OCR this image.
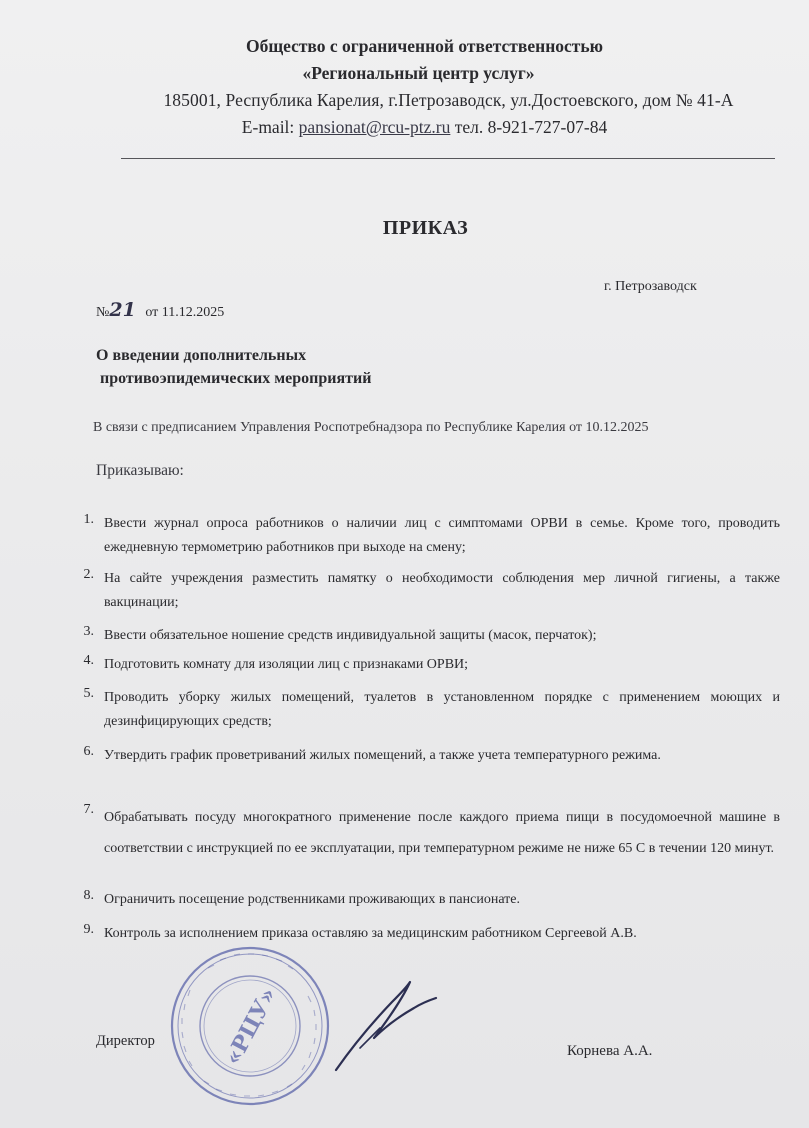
Общество с ограниченной ответственностью
«Региональный центр услуг»
185001, Республика Карелия, г.Петрозаводск, ул.Достоевского, дом № 41-А
E-mail: pansionat@rcu-ptz.ru тел. 8-921-727-07-84
ПРИКАЗ
г. Петрозаводск
№21 от 11.12.2025
О введении дополнительных
противоэпидемических мероприятий
В связи с предписанием Управления Роспотребнадзора по Республике Карелия от 10.12.2025
Приказываю:
1. Ввести журнал опроса работников о наличии лиц с симптомами ОРВИ в семье. Кроме того, проводить ежедневную термометрию работников при выходе на смену;
2. На сайте учреждения разместить памятку о необходимости соблюдения мер личной гигиены, а также вакцинации;
3. Ввести обязательное ношение средств индивидуальной защиты (масок, перчаток);
4. Подготовить комнату для изоляции лиц с признаками ОРВИ;
5. Проводить уборку жилых помещений, туалетов в установленном порядке с применением моющих и дезинфицирующих средств;
6. Утвердить график проветриваний жилых помещений, а также учета температурного режима.
7.
Обрабатывать посуду многократного применение после каждого приема пищи в посудомоечной машине в соответствии с инструкцией по ее эксплуатации, при температурном режиме не ниже 65 С в течении 120 минут.
8. Ограничить посещение родственниками проживающих в пансионате.
9. Контроль за исполнением приказа оставляю за медицинским работником Сергеевой А.В.
Директор
Корнева А.А.
«РЦУ»
